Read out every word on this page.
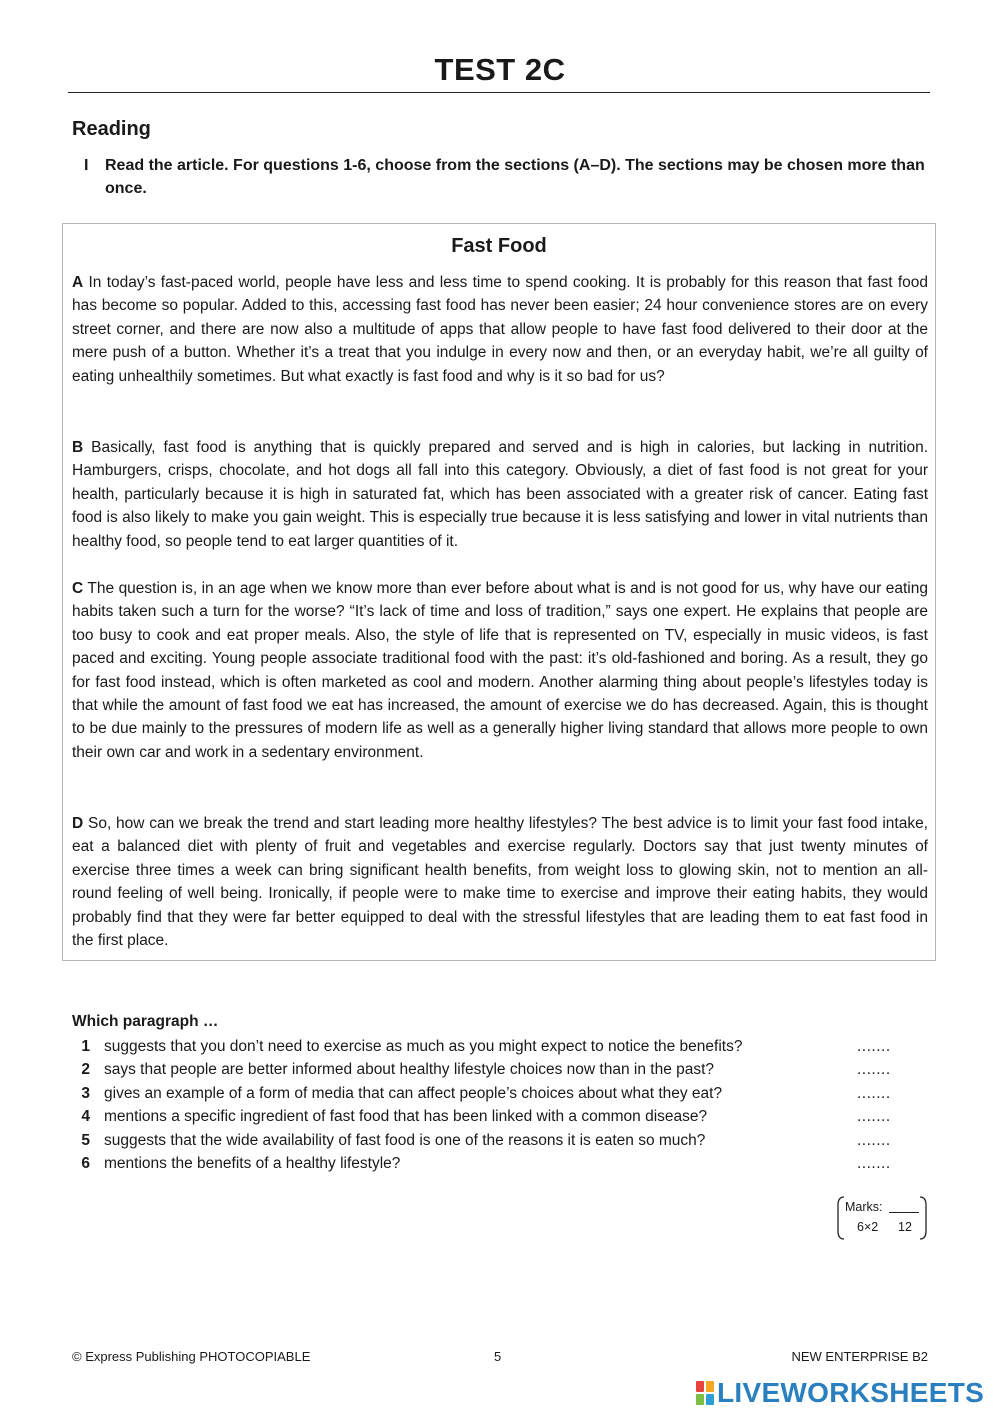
TEST 2C
Reading
I Read the article. For questions 1-6, choose from the sections (A–D). The sections may be chosen more than once.
Fast Food
A In today’s fast-paced world, people have less and less time to spend cooking. It is probably for this reason that fast food has become so popular. Added to this, accessing fast food has never been easier; 24 hour convenience stores are on every street corner, and there are now also a multitude of apps that allow people to have fast food delivered to their door at the mere push of a button. Whether it’s a treat that you indulge in every now and then, or an everyday habit, we’re all guilty of eating unhealthily sometimes. But what exactly is fast food and why is it so bad for us?
B Basically, fast food is anything that is quickly prepared and served and is high in calories, but lacking in nutrition. Hamburgers, crisps, chocolate, and hot dogs all fall into this category. Obviously, a diet of fast food is not great for your health, particularly because it is high in saturated fat, which has been associated with a greater risk of cancer. Eating fast food is also likely to make you gain weight. This is especially true because it is less satisfying and lower in vital nutrients than healthy food, so people tend to eat larger quantities of it.
C The question is, in an age when we know more than ever before about what is and is not good for us, why have our eating habits taken such a turn for the worse? “It’s lack of time and loss of tradition,” says one expert. He explains that people are too busy to cook and eat proper meals. Also, the style of life that is represented on TV, especially in music videos, is fast paced and exciting. Young people associate traditional food with the past: it’s old-fashioned and boring. As a result, they go for fast food instead, which is often marketed as cool and modern. Another alarming thing about people’s lifestyles today is that while the amount of fast food we eat has increased, the amount of exercise we do has decreased. Again, this is thought to be due mainly to the pressures of modern life as well as a generally higher living standard that allows more people to own their own car and work in a sedentary environment.
D So, how can we break the trend and start leading more healthy lifestyles? The best advice is to limit your fast food intake, eat a balanced diet with plenty of fruit and vegetables and exercise regularly. Doctors say that just twenty minutes of exercise three times a week can bring significant health benefits, from weight loss to glowing skin, not to mention an all-round feeling of well being. Ironically, if people were to make time to exercise and improve their eating habits, they would probably find that they were far better equipped to deal with the stressful lifestyles that are leading them to eat fast food in the first place.
Which paragraph …
1 suggests that you don’t need to exercise as much as you might expect to notice the benefits?	.......
2 says that people are better informed about healthy lifestyle choices now than in the past?	.......
3 gives an example of a form of media that can affect people’s choices about what they eat?	.......
4 mentions a specific ingredient of fast food that has been linked with a common disease?	.......
5 suggests that the wide availability of fast food is one of the reasons it is eaten so much?	.......
6 mentions the benefits of a healthy lifestyle?	.......
Marks:
6×2 12
© Express Publishing PHOTOCOPIABLE	5	NEW ENTERPRISE B2
LIVEWORKSHEETS
